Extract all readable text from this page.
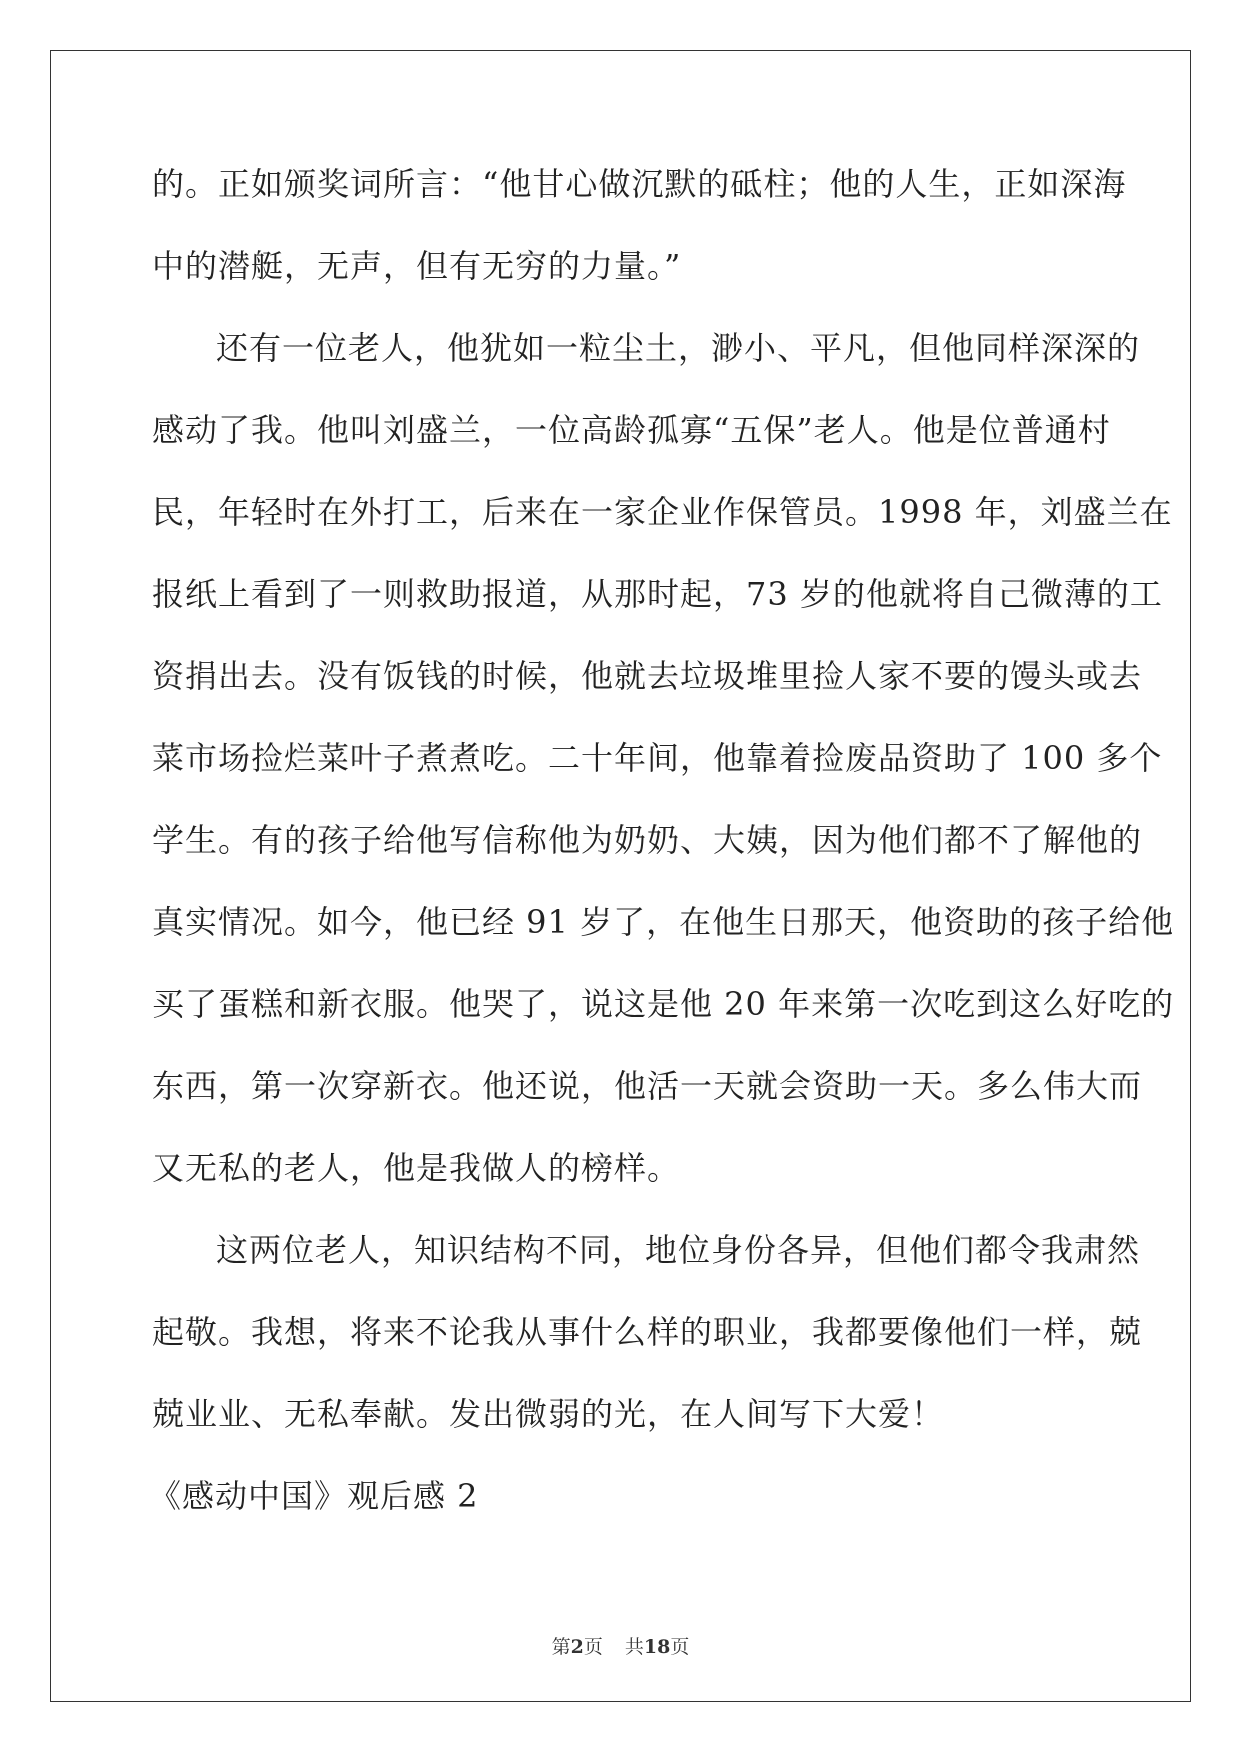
的。正如颁奖词所言：“他甘心做沉默的砥柱；他的人生，正如深海
中的潜艇，无声，但有无穷的力量。”
还有一位老人，他犹如一粒尘土，渺小、平凡，但他同样深深的
感动了我。他叫刘盛兰，一位高龄孤寡“五保”老人。他是位普通村
民，年轻时在外打工，后来在一家企业作保管员。1998 年，刘盛兰在
报纸上看到了一则救助报道，从那时起，73 岁的他就将自己微薄的工
资捐出去。没有饭钱的时候，他就去垃圾堆里捡人家不要的馒头或去
菜市场捡烂菜叶子煮煮吃。二十年间，他靠着捡废品资助了 100 多个
学生。有的孩子给他写信称他为奶奶、大姨，因为他们都不了解他的
真实情况。如今，他已经 91 岁了，在他生日那天，他资助的孩子给他
买了蛋糕和新衣服。他哭了，说这是他 20 年来第一次吃到这么好吃的
东西，第一次穿新衣。他还说，他活一天就会资助一天。多么伟大而
又无私的老人，他是我做人的榜样。
这两位老人，知识结构不同，地位身份各异，但他们都令我肃然
起敬。我想，将来不论我从事什么样的职业，我都要像他们一样，兢
兢业业、无私奉献。发出微弱的光，在人间写下大爱！
《感动中国》观后感 2
第2页 共18页
